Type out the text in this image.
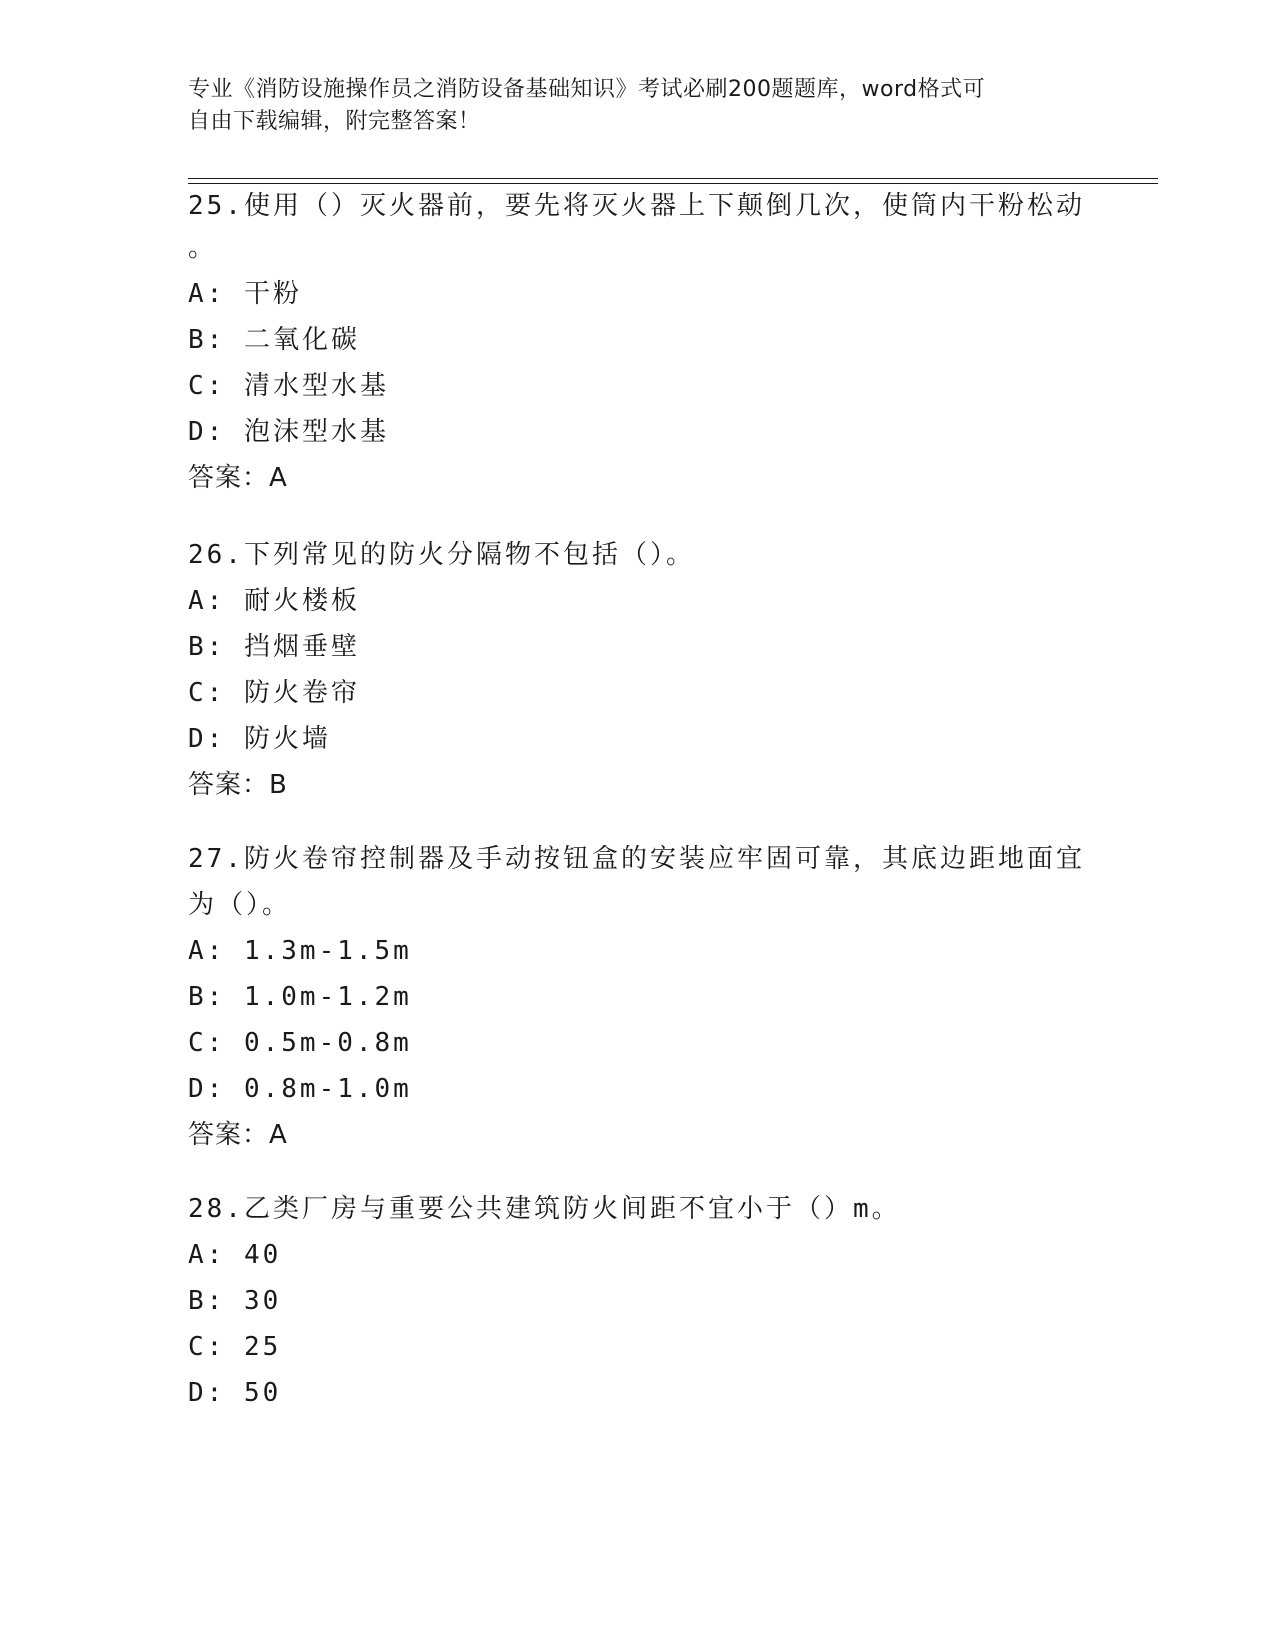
专业《消防设施操作员之消防设备基础知识》考试必刷200题题库，word格式可
自由下载编辑，附完整答案！

25.使用（）灭火器前，要先将灭火器上下颠倒几次，使筒内干粉松动

。

A: 干粉

B: 二氧化碳

C: 清水型水基

D: 泡沫型水基

答案：A

26.下列常见的防火分隔物不包括（）。

A: 耐火楼板

B: 挡烟垂壁

C: 防火卷帘

D: 防火墙

答案：B

27.防火卷帘控制器及手动按钮盒的安装应牢固可靠，其底边距地面宜

为（）。

A: 1.3m-1.5m

B: 1.0m-1.2m

C: 0.5m-0.8m

D: 0.8m-1.0m

答案：A

28.乙类厂房与重要公共建筑防火间距不宜小于（）m。

A: 40

B: 30

C: 25

D: 50
